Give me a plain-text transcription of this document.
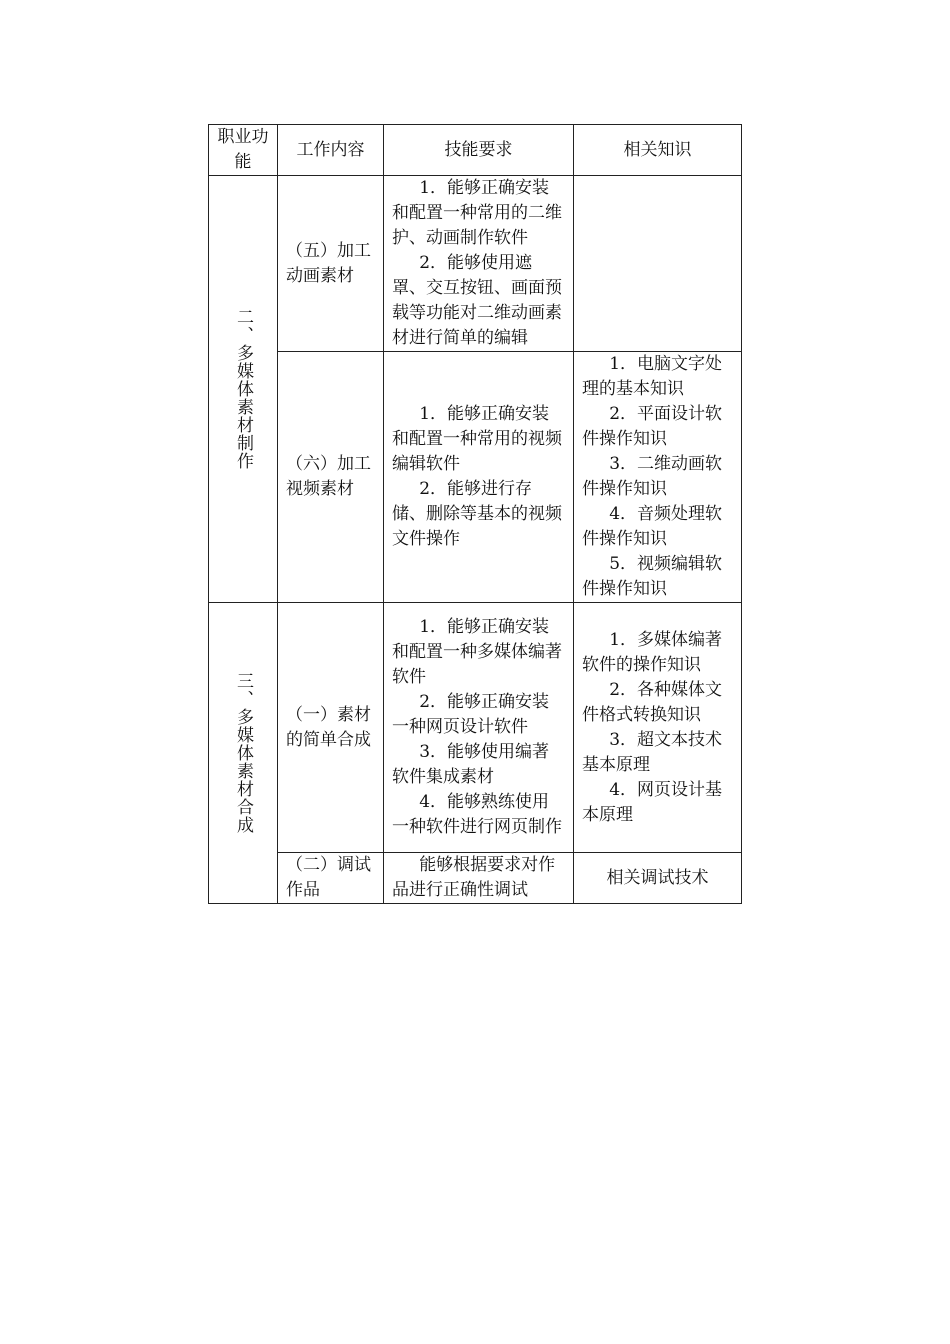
职业功能	工作内容	技能要求	相关知识

二、多媒体素材制作	（五）加工动画素材	1．能够正确安装和配置一种常用的二维护、动画制作软件
2．能够使用遮罩、交互按钮、画面预载等功能对二维动画素材进行简单的编辑	

	（六）加工视频素材	1．能够正确安装和配置一种常用的视频编辑软件
2．能够进行存储、删除等基本的视频文件操作	1．电脑文字处理的基本知识
2．平面设计软件操作知识
3．二维动画软件操作知识
4．音频处理软件操作知识
5．视频编辑软件操作知识

三、多媒体素材合成	（一）素材的简单合成	1．能够正确安装和配置一种多媒体编著软件
2．能够正确安装一种网页设计软件
3．能够使用编著软件集成素材
4．能够熟练使用一种软件进行网页制作	1．多媒体编著软件的操作知识
2．各种媒体文件格式转换知识
3．超文本技术基本原理
4．网页设计基本原理

	（二）调试作品	能够根据要求对作品进行正确性调试	相关调试技术
